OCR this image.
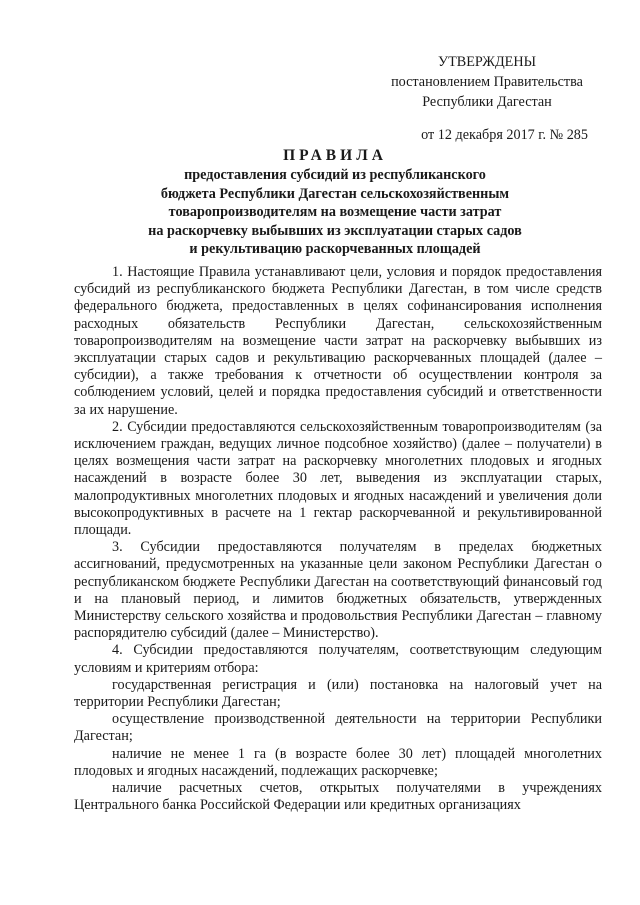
УТВЕРЖДЕНЫ
постановлением Правительства
Республики Дагестан
от 12 декабря 2017 г. № 285
ПРАВИЛА
предоставления субсидий из республиканского
бюджета Республики Дагестан сельскохозяйственным
товаропроизводителям на возмещение части затрат
на раскорчевку выбывших из эксплуатации старых садов
и рекультивацию раскорчеванных площадей

1. Настоящие Правила устанавливают цели, условия и порядок предоставления субсидий из республиканского бюджета Республики Дагестан, в том числе средств федерального бюджета, предоставленных в целях софинансирования исполнения расходных обязательств Республики Дагестан, сельскохозяйственным товаропроизводителям на возмещение части затрат на раскорчевку выбывших из эксплуатации старых садов и рекультивацию раскорчеванных площадей (далее – субсидии), а также требования к отчетности об осуществлении контроля за соблюдением условий, целей и порядка предоставления субсидий и ответственности за их нарушение.

2. Субсидии предоставляются сельскохозяйственным товаропроизводителям (за исключением граждан, ведущих личное подсобное хозяйство) (далее – получатели) в целях возмещения части затрат на раскорчевку многолетних плодовых и ягодных насаждений в возрасте более 30 лет, выведения из эксплуатации старых, малопродуктивных многолетних плодовых и ягодных насаждений и увеличения доли высокопродуктивных в расчете на 1 гектар раскорчеванной и рекультивированной площади.

3. Субсидии предоставляются получателям в пределах бюджетных ассигнований, предусмотренных на указанные цели законом Республики Дагестан о республиканском бюджете Республики Дагестан на соответствующий финансовый год и на плановый период, и лимитов бюджетных обязательств, утвержденных Министерству сельского хозяйства и продовольствия Республики Дагестан – главному распорядителю субсидий (далее – Министерство).

4. Субсидии предоставляются получателям, соответствующим следующим условиям и критериям отбора:

государственная регистрация и (или) постановка на налоговый учет на территории Республики Дагестан;

осуществление производственной деятельности на территории Республики Дагестан;

наличие не менее 1 га (в возрасте более 30 лет) площадей многолетних плодовых и ягодных насаждений, подлежащих раскорчевке;

наличие расчетных счетов, открытых получателями в учреждениях Центрального банка Российской Федерации или кредитных организациях
